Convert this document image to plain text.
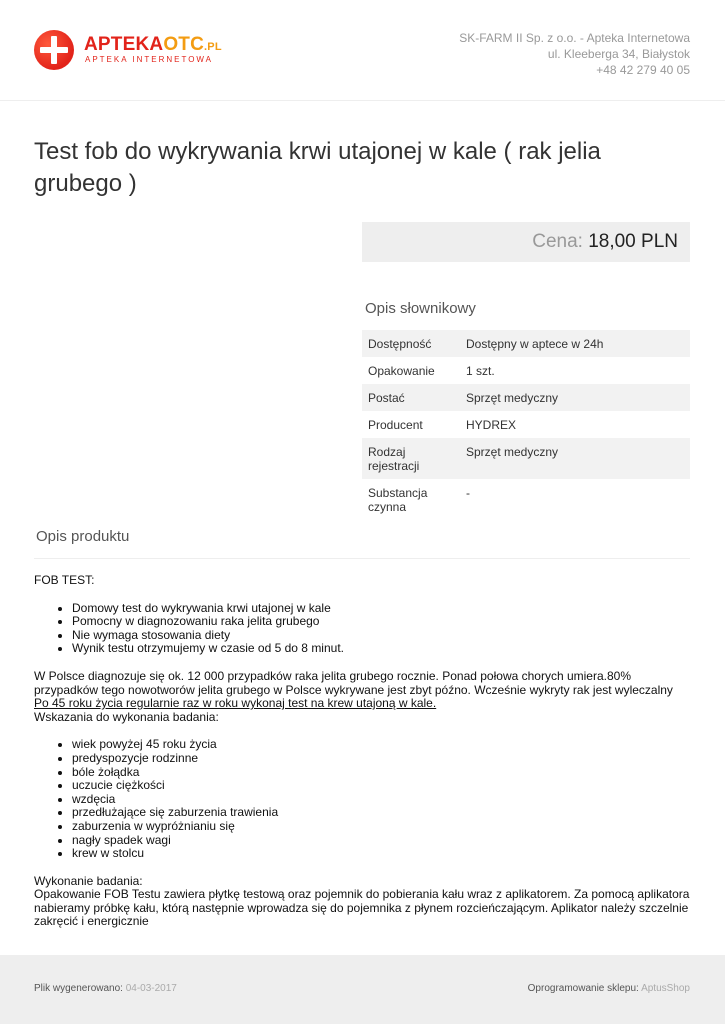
APTEKAOTC.PL
APTEKA INTERNETOWA
SK-FARM II Sp. z o.o. - Apteka Internetowa
ul. Kleeberga 34, Białystok
+48 42 279 40 05
Test fob do wykrywania krwi utajonej w kale ( rak jelia grubego )
Cena: 18,00 PLN
Opis słownikowy
Dostępność	Dostępny w aptece w 24h
Opakowanie	1 szt.
Postać	Sprzęt medyczny
Producent	HYDREX
Rodzaj rejestracji	Sprzęt medyczny
Substancja czynna	-
Opis produktu

FOB TEST:

• Domowy test do wykrywania krwi utajonej w kale
• Pomocny w diagnozowaniu raka jelita grubego
• Nie wymaga stosowania diety
• Wynik testu otrzymujemy w czasie od 5 do 8 minut.

W Polsce diagnozuje się ok. 12 000 przypadków raka jelita grubego rocznie. Ponad połowa chorych umiera.80% przypadków tego nowotworów jelita grubego w Polsce wykrywane jest zbyt późno. Wcześnie wykryty rak jest wyleczalny

Po 45 roku życia regularnie raz w roku wykonaj test na krew utajoną w kale.

Wskazania do wykonania badania:

• wiek powyżej 45 roku życia
• predyspozycje rodzinne
• bóle żołądka
• uczucie ciężkości
• wzdęcia
• przedłużające się zaburzenia trawienia
• zaburzenia w wypróżnianiu się
• nagły spadek wagi
• krew w stolcu

Wykonanie badania:

Opakowanie FOB Testu zawiera płytkę testową oraz pojemnik do pobierania kału wraz z aplikatorem. Za pomocą aplikatora nabieramy próbkę kału, którą następnie wprowadza się do pojemnika z płynem rozcieńczającym. Aplikator należy szczelnie zakręcić i energicznie

Plik wygenerowano: 04-03-2017	Oprogramowanie sklepu: AptusShop
